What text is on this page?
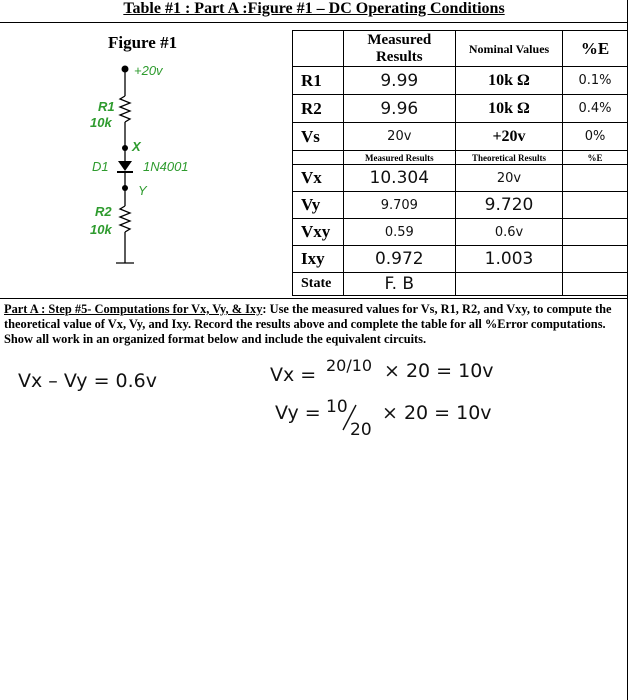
Table #1 : Part A :Figure #1 – DC Operating Conditions
Figure #1
+20v
R1
10k
X
D1	1N4001
Y
R2
10k
	Measured Results	Nominal Values	%E
R1	9.99	10k Ω	0.1%
R2	9.96	10k Ω	0.4%
Vs	20v	+20v	0%
	Measured Results	Theoretical Results	%E
Vx	10.304	20v	
Vy	9.709	9.720	
Vxy	0.59	0.6v	
Ixy	0.972	1.003	
State	F. B		
Part A : Step #5- Computations for Vx, Vy, & Ixy: Use the measured values for Vs, R1, R2, and Vxy, to compute the theoretical value of Vx, Vy, and Ixy. Record the results above and complete the table for all %Error computations. Show all work in an organized format below and include the equivalent circuits.
Vx – Vy = 0.6v	Vx = 20/10 × 20 = 10v
Vy = 10
20
× 20 = 10v
